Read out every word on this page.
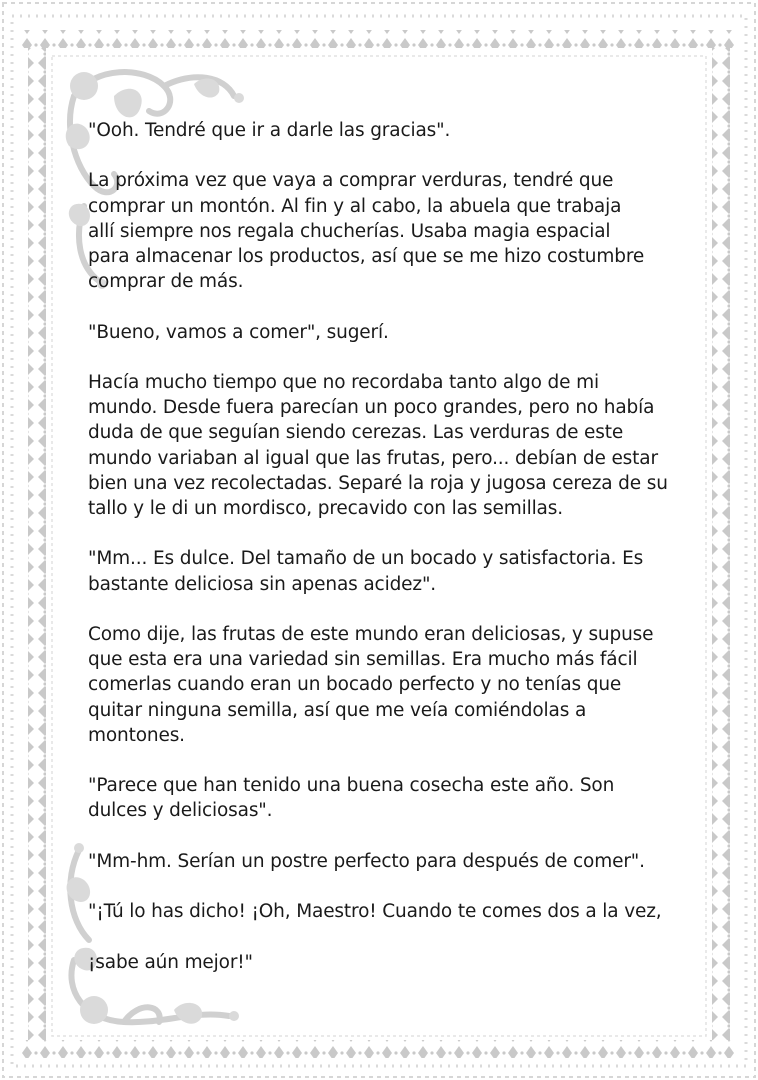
"Ooh. Tendré que ir a darle las gracias".

La próxima vez que vaya a comprar verduras, tendré que
comprar un montón. Al fin y al cabo, la abuela que trabaja
allí siempre nos regala chucherías. Usaba magia espacial
para almacenar los productos, así que se me hizo costumbre
comprar de más.

"Bueno, vamos a comer", sugerí.

Hacía mucho tiempo que no recordaba tanto algo de mi
mundo. Desde fuera parecían un poco grandes, pero no había
duda de que seguían siendo cerezas. Las verduras de este
mundo variaban al igual que las frutas, pero... debían de estar
bien una vez recolectadas. Separé la roja y jugosa cereza de su
tallo y le di un mordisco, precavido con las semillas.

"Mm... Es dulce. Del tamaño de un bocado y satisfactoria. Es
bastante deliciosa sin apenas acidez".

Como dije, las frutas de este mundo eran deliciosas, y supuse
que esta era una variedad sin semillas. Era mucho más fácil
comerlas cuando eran un bocado perfecto y no tenías que
quitar ninguna semilla, así que me veía comiéndolas a
montones.

"Parece que han tenido una buena cosecha este año. Son
dulces y deliciosas".

"Mm-hm. Serían un postre perfecto para después de comer".

"¡Tú lo has dicho! ¡Oh, Maestro! Cuando te comes dos a la vez,

¡sabe aún mejor!"
